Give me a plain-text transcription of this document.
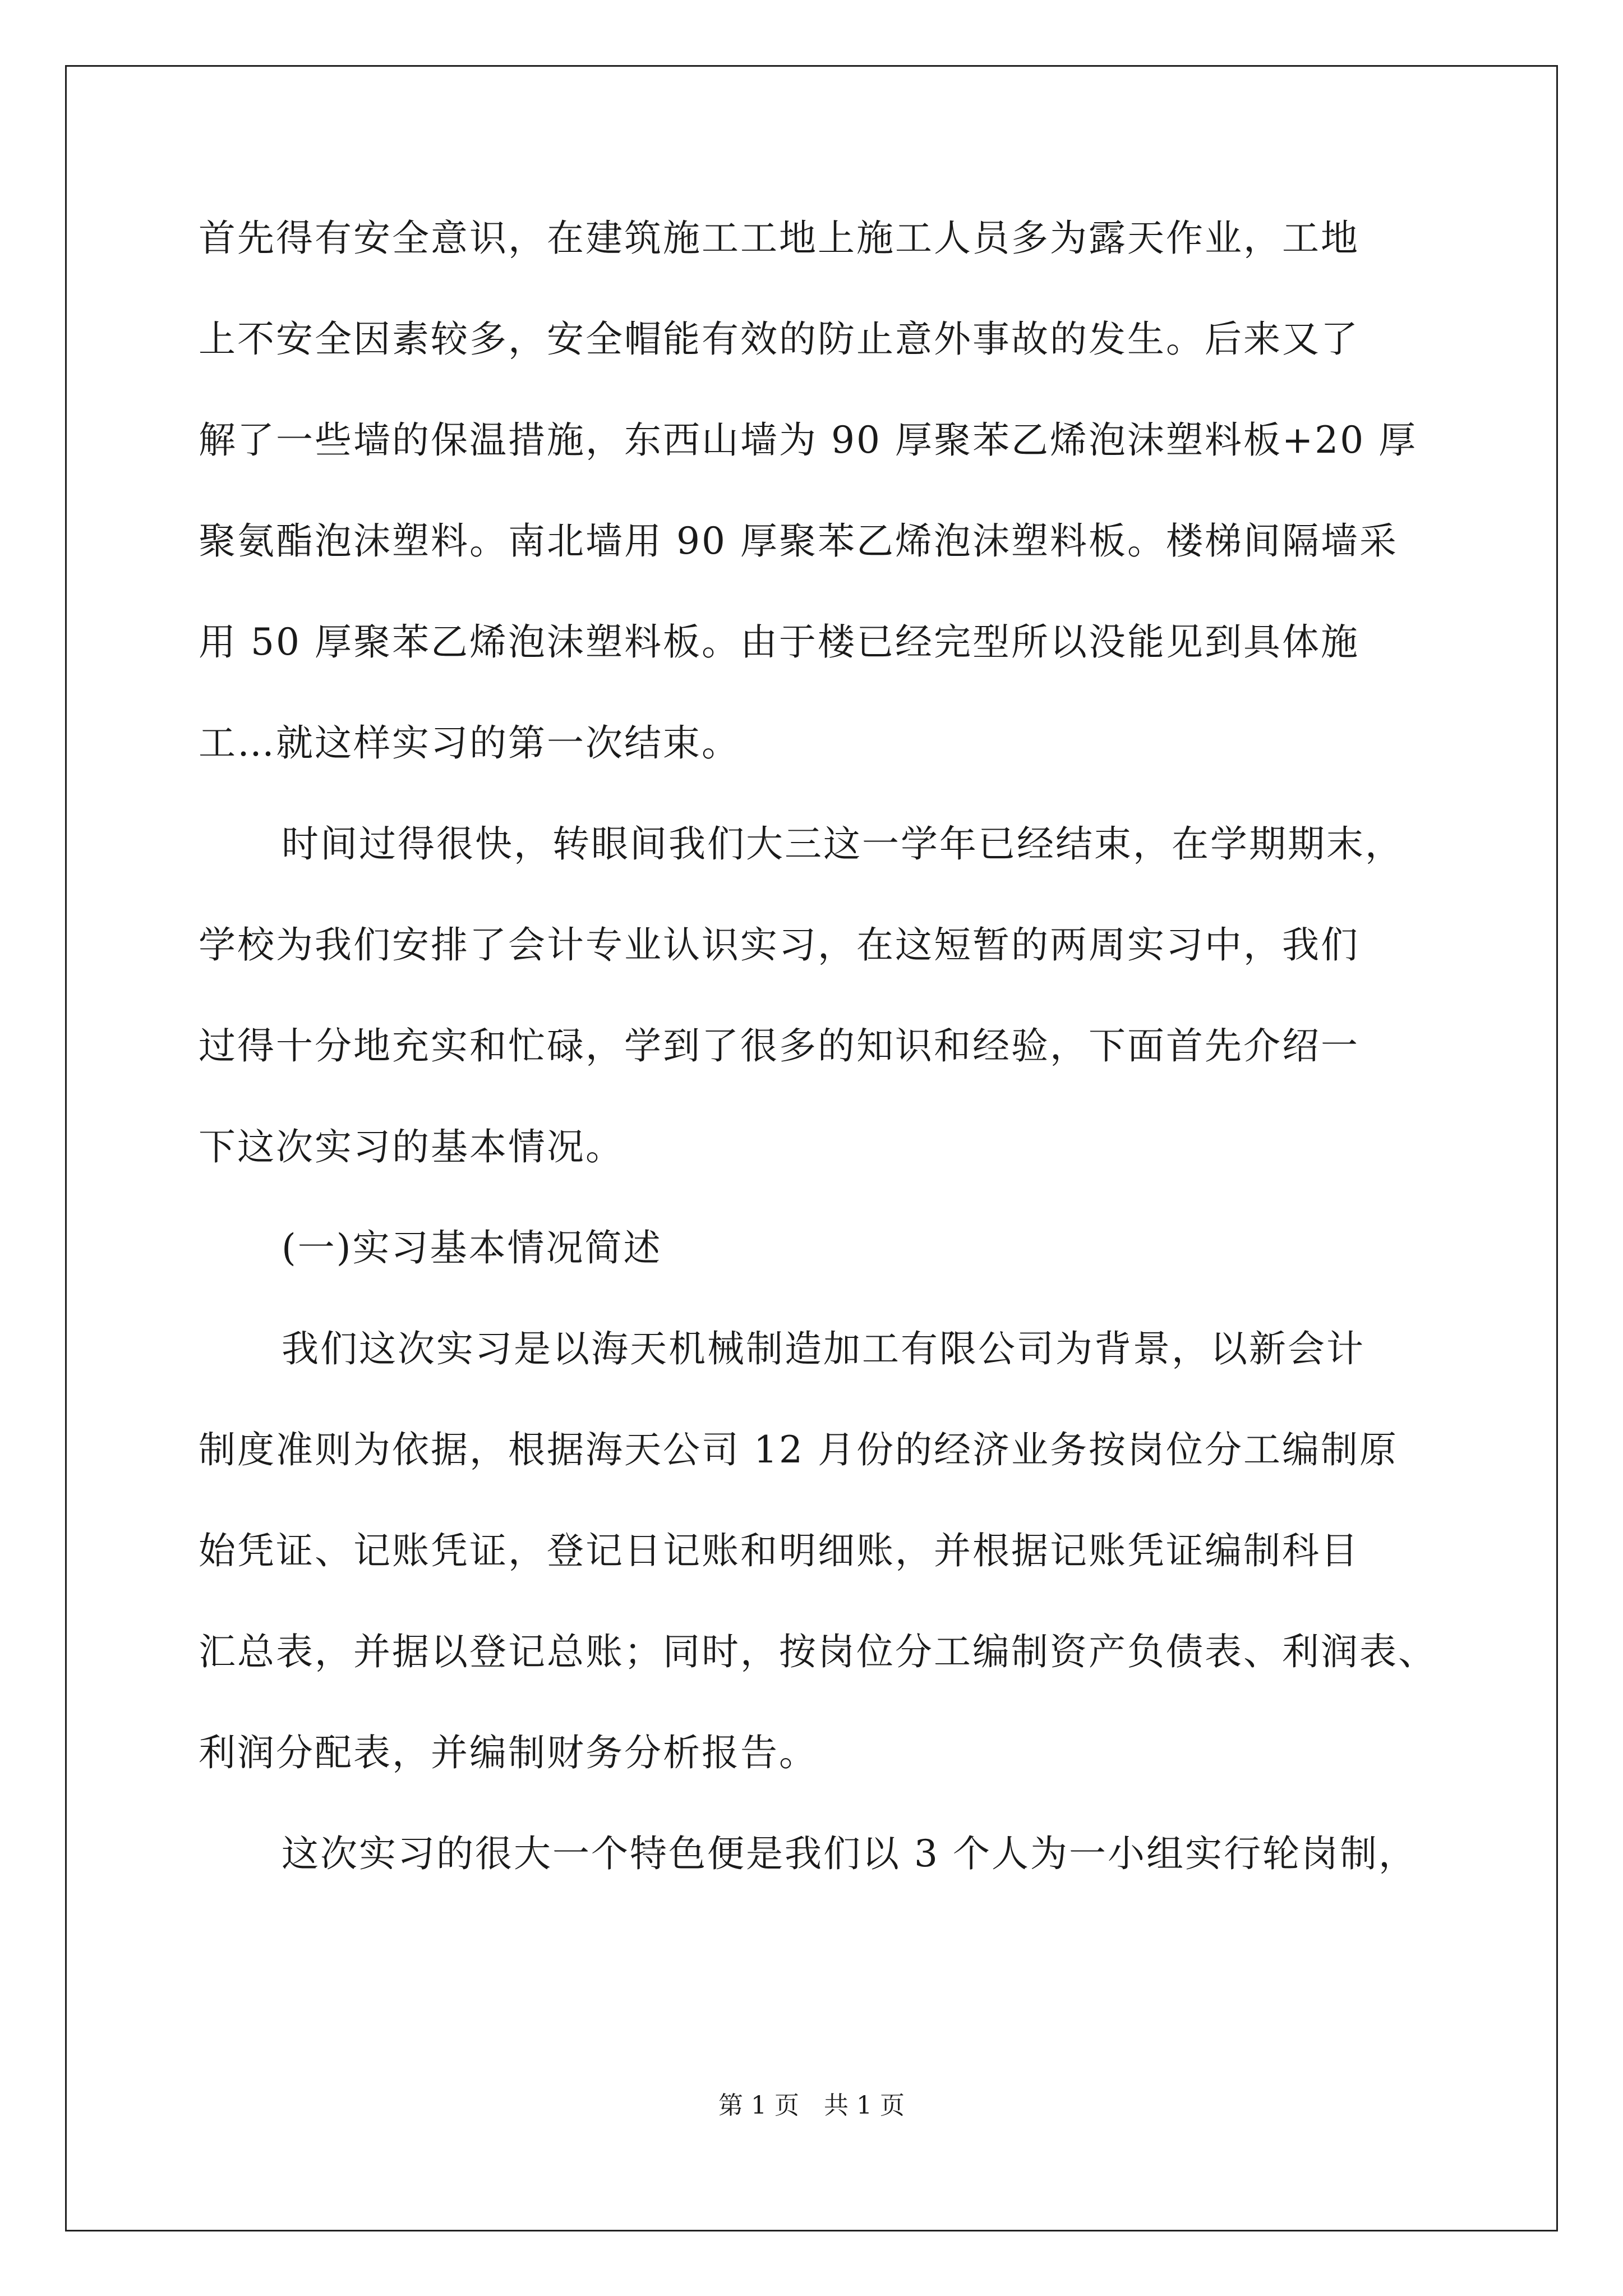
首先得有安全意识，在建筑施工工地上施工人员多为露天作业，工地
上不安全因素较多，安全帽能有效的防止意外事故的发生。后来又了
解了一些墙的保温措施，东西山墙为 90 厚聚苯乙烯泡沫塑料板+20 厚
聚氨酯泡沫塑料。南北墙用 90 厚聚苯乙烯泡沫塑料板。楼梯间隔墙采
用 50 厚聚苯乙烯泡沫塑料板。由于楼已经完型所以没能见到具体施
工…就这样实习的第一次结束。
时间过得很快，转眼间我们大三这一学年已经结束，在学期期末，
学校为我们安排了会计专业认识实习，在这短暂的两周实习中，我们
过得十分地充实和忙碌，学到了很多的知识和经验，下面首先介绍一
下这次实习的基本情况。
(一)实习基本情况简述
我们这次实习是以海天机械制造加工有限公司为背景，以新会计
制度准则为依据，根据海天公司 12 月份的经济业务按岗位分工编制原
始凭证、记账凭证，登记日记账和明细账，并根据记账凭证编制科目
汇总表，并据以登记总账；同时，按岗位分工编制资产负债表、利润表、
利润分配表，并编制财务分析报告。
这次实习的很大一个特色便是我们以 3 个人为一小组实行轮岗制，
第 1 页　共 1 页
